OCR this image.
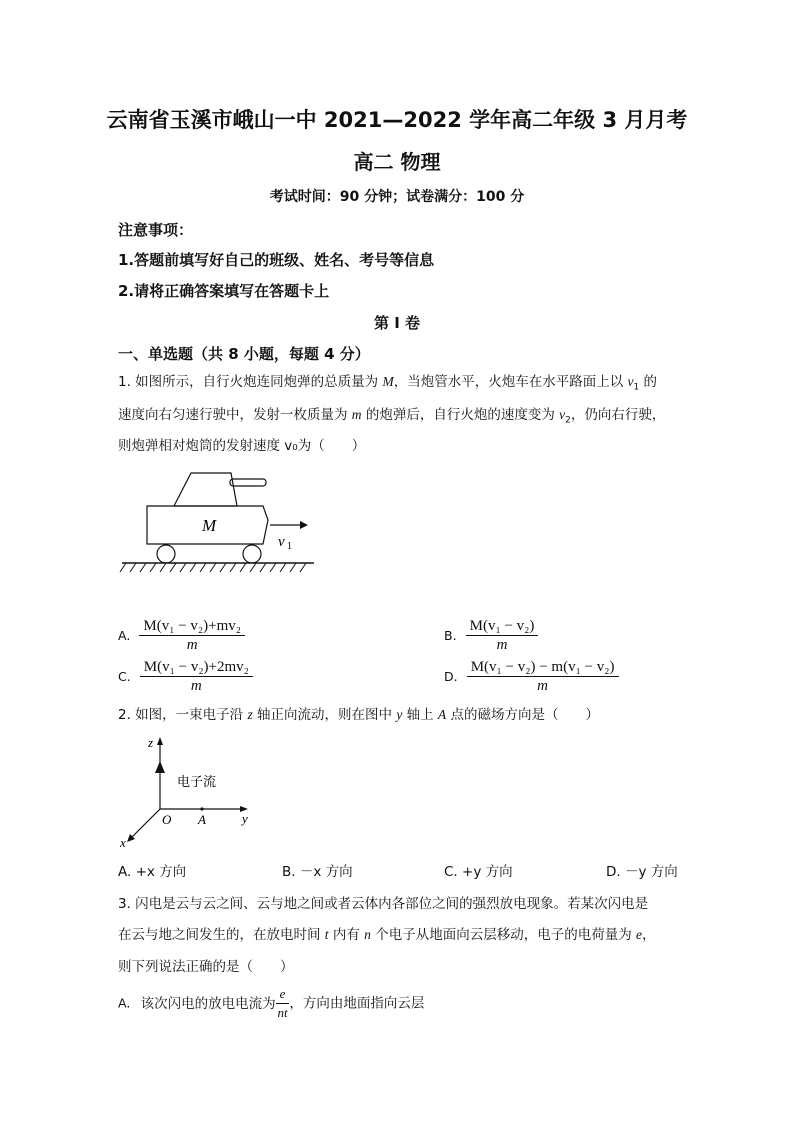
云南省玉溪市峨山一中 2021—2022 学年高二年级 3 月月考
高二 物理
考试时间：90 分钟；试卷满分：100 分
注意事项：
1.答题前填写好自己的班级、姓名、考号等信息
2.请将正确答案填写在答题卡上
第 I 卷
一、单选题（共 8 小题，每题 4 分）
1. 如图所示，自行火炮连同炮弹的总质量为 M，当炮管水平，火炮车在水平路面上以 $v_1$ 的
速度向右匀速行驶中，发射一枚质量为 m 的炮弹后，自行火炮的速度变为 $v_2$，仍向右行驶，
则炮弹相对炮筒的发射速度 v₀为（　　）
M
v 1
A. $\frac{\text{M(v₁ − v₂)+mv₂}}{m}$	B. $\frac{\text{M(v₁ − v₂)}}{m}$
C. $\frac{\text{M(v₁ − v₂)+2mv₂}}{m}$	D. $\frac{\text{M(v₁ − v₂) − m(v₁ − v₂)}}{m}$
2. 如图，一束电子沿 z 轴正向流动，则在图中 y 轴上 A 点的磁场方向是（　　）
z
电子流
y
x
O A
A. +x 方向	B. －x 方向	C. +y 方向	D. －y 方向
3. 闪电是云与云之间、云与地之间或者云体内各部位之间的强烈放电现象。若某次闪电是
在云与地之间发生的，在放电时间 t 内有 n 个电子从地面向云层移动，电子的电荷量为 e，
则下列说法正确的是（　　）
A. 该次闪电的放电电流为 $\frac{e}{nt}$ ，方向由地面指向云层
